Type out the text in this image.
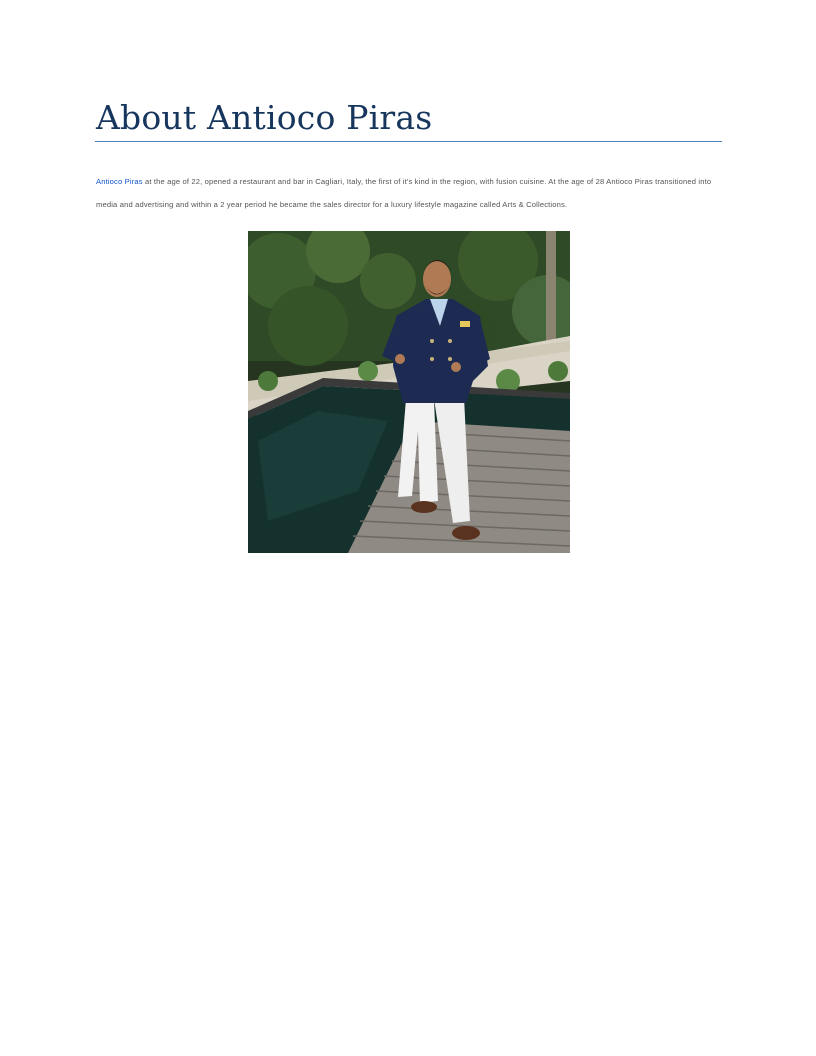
About Antioco Piras

Antioco Piras at the age of 22, opened a restaurant and bar in Cagliari, Italy, the first of it's kind in the region, with fusion cuisine. At the age of 28 Antioco Piras transitioned into media and advertising and within a 2 year period he became the sales director for a luxury lifestyle magazine called Arts & Collections.
